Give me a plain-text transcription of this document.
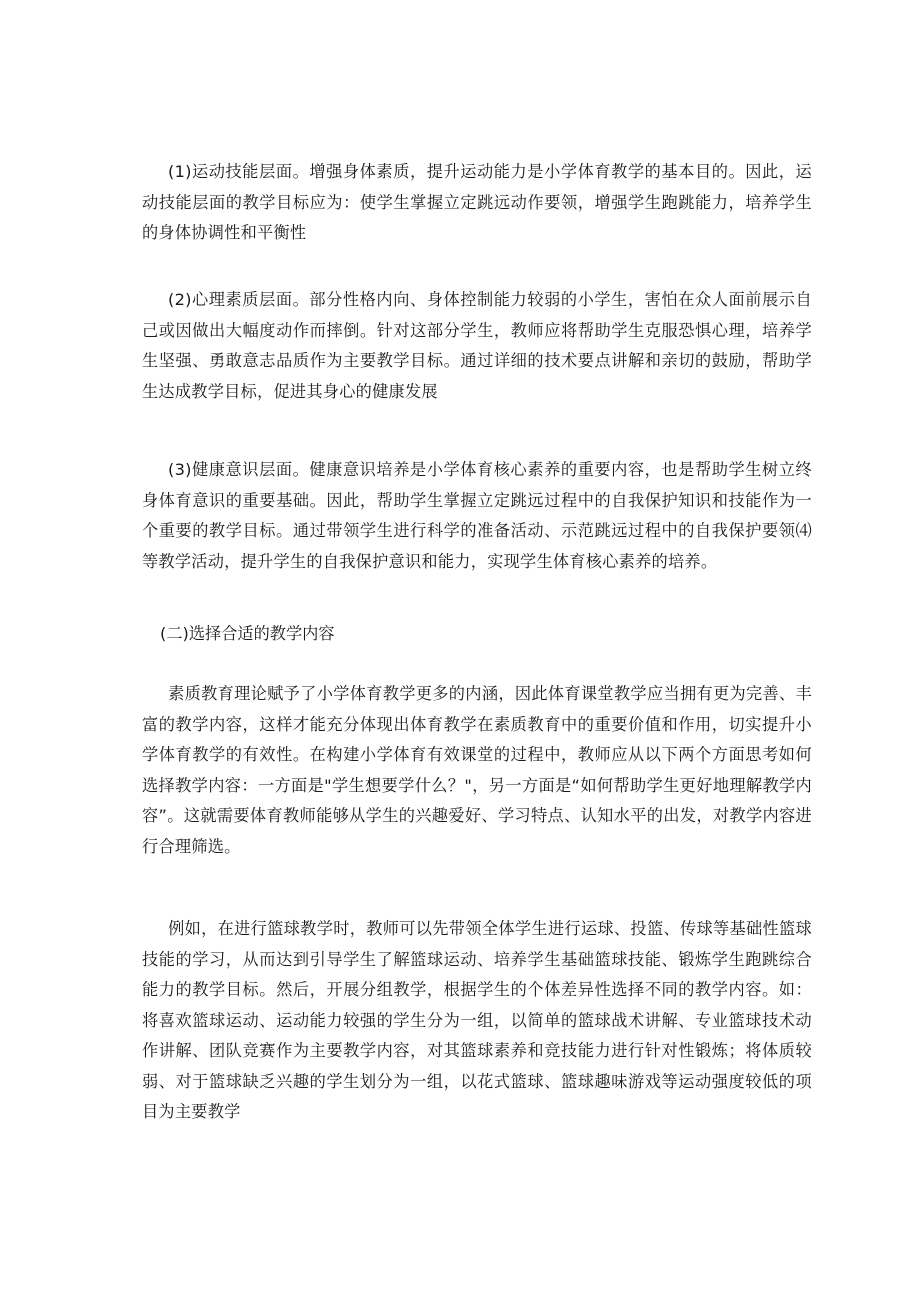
(1)运动技能层面。增强身体素质，提升运动能力是小学体育教学的基本目的。因此，运动技能层面的教学目标应为：使学生掌握立定跳远动作要领，增强学生跑跳能力，培养学生的身体协调性和平衡性

(2)心理素质层面。部分性格内向、身体控制能力较弱的小学生，害怕在众人面前展示自己或因做出大幅度动作而摔倒。针对这部分学生，教师应将帮助学生克服恐惧心理，培养学生坚强、勇敢意志品质作为主要教学目标。通过详细的技术要点讲解和亲切的鼓励，帮助学生达成教学目标，促进其身心的健康发展

(3)健康意识层面。健康意识培养是小学体育核心素养的重要内容，也是帮助学生树立终身体育意识的重要基础。因此，帮助学生掌握立定跳远过程中的自我保护知识和技能作为一个重要的教学目标。通过带领学生进行科学的准备活动、示范跳远过程中的自我保护要领⑷等教学活动，提升学生的自我保护意识和能力，实现学生体育核心素养的培养。

(二)选择合适的教学内容

素质教育理论赋予了小学体育教学更多的内涵，因此体育课堂教学应当拥有更为完善、丰富的教学内容，这样才能充分体现出体育教学在素质教育中的重要价值和作用，切实提升小学体育教学的有效性。在构建小学体育有效课堂的过程中，教师应从以下两个方面思考如何选择教学内容：一方面是"学生想要学什么？"，另一方面是“如何帮助学生更好地理解教学内容”。这就需要体育教师能够从学生的兴趣爱好、学习特点、认知水平的出发，对教学内容进行合理筛选。

例如，在进行篮球教学时，教师可以先带领全体学生进行运球、投篮、传球等基础性篮球技能的学习，从而达到引导学生了解篮球运动、培养学生基础篮球技能、锻炼学生跑跳综合能力的教学目标。然后，开展分组教学，根据学生的个体差异性选择不同的教学内容。如：将喜欢篮球运动、运动能力较强的学生分为一组，以简单的篮球战术讲解、专业篮球技术动作讲解、团队竞赛作为主要教学内容，对其篮球素养和竞技能力进行针对性锻炼；将体质较弱、对于篮球缺乏兴趣的学生划分为一组，以花式篮球、篮球趣味游戏等运动强度较低的项目为主要教学
